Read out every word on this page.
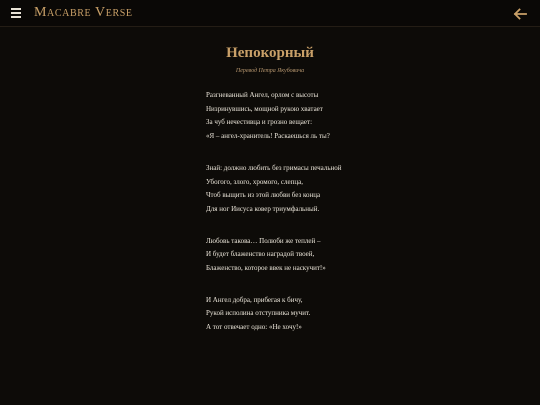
Macabre Verse
Непокорный
Перевод Петра Якубовича
Разгневанный Ангел, орлом с высоты
Низринувшись, мощной рукою хватает
За чуб нечестивца и грозно вещает:
«Я – ангел-хранитель! Раскаешься ль ты?
Знай: должно любить без гримасы печальной
Убогого, злого, хромого, слепца,
Чтоб выщить из этой любви без конца
Для ног Иисуса ковер триумфальный.
Любовь такова… Полюби же теплей –
И будет блаженство наградой твоей,
Блаженство, которое ввек не наскучит!»
И Ангел добра, прибегая к бичу,
Рукой исполина отступника мучит.
А тот отвечает одно: «Не хочу!»
